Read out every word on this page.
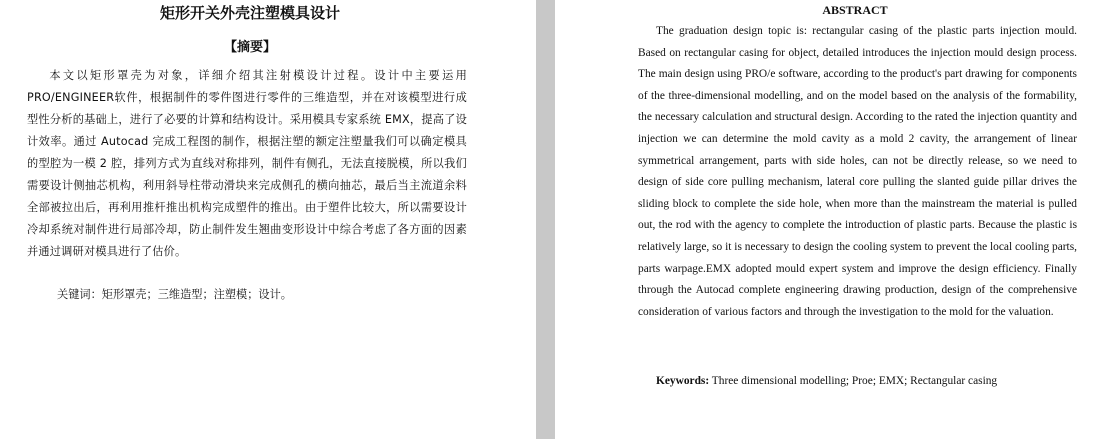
矩形开关外壳注塑模具设计
【摘要】
本文以矩形罩壳为对象，详细介绍其注射模设计过程。设计中主要运用PRO/ENGINEER软件，根据制件的零件图进行零件的三维造型，并在对该模型进行成型性分析的基础上，进行了必要的计算和结构设计。采用模具专家系统 EMX，提高了设计效率。通过 Autocad 完成工程图的制作，根据注塑的额定注塑量我们可以确定模具的型腔为一模 2 腔，排列方式为直线对称排列，制件有侧孔，无法直接脱模，所以我们需要设计侧抽芯机构，利用斜导柱带动滑块来完成侧孔的横向抽芯，最后当主流道余料全部被拉出后，再利用推杆推出机构完成塑件的推出。由于塑件比较大，所以需要设计冷却系统对制件进行局部冷却，防止制件发生翘曲变形设计中综合考虑了各方面的因素并通过调研对模具进行了估价。
关键词：矩形罩壳；三维造型；注塑模；设计。
ABSTRACT
The graduation design topic is: rectangular casing of the plastic parts injection mould. Based on rectangular casing for object, detailed introduces the injection mould design process. The main design using PRO/e software, according to the product's part drawing for components of the three-dimensional modelling, and on the model based on the analysis of the formability, the necessary calculation and structural design. According to the rated the injection quantity and injection we can determine the mold cavity as a mold 2 cavity, the arrangement of linear symmetrical arrangement, parts with side holes, can not be directly release, so we need to design of side core pulling mechanism, lateral core pulling the slanted guide pillar drives the sliding block to complete the side hole, when more than the mainstream the material is pulled out, the rod with the agency to complete the introduction of plastic parts. Because the plastic is relatively large, so it is necessary to design the cooling system to prevent the local cooling parts, parts warpage.EMX adopted mould expert system and improve the design efficiency. Finally through the Autocad complete engineering drawing production, design of the comprehensive consideration of various factors and through the investigation to the mold for the valuation.
Keywords: Three dimensional modelling; Proe; EMX; Rectangular casing
